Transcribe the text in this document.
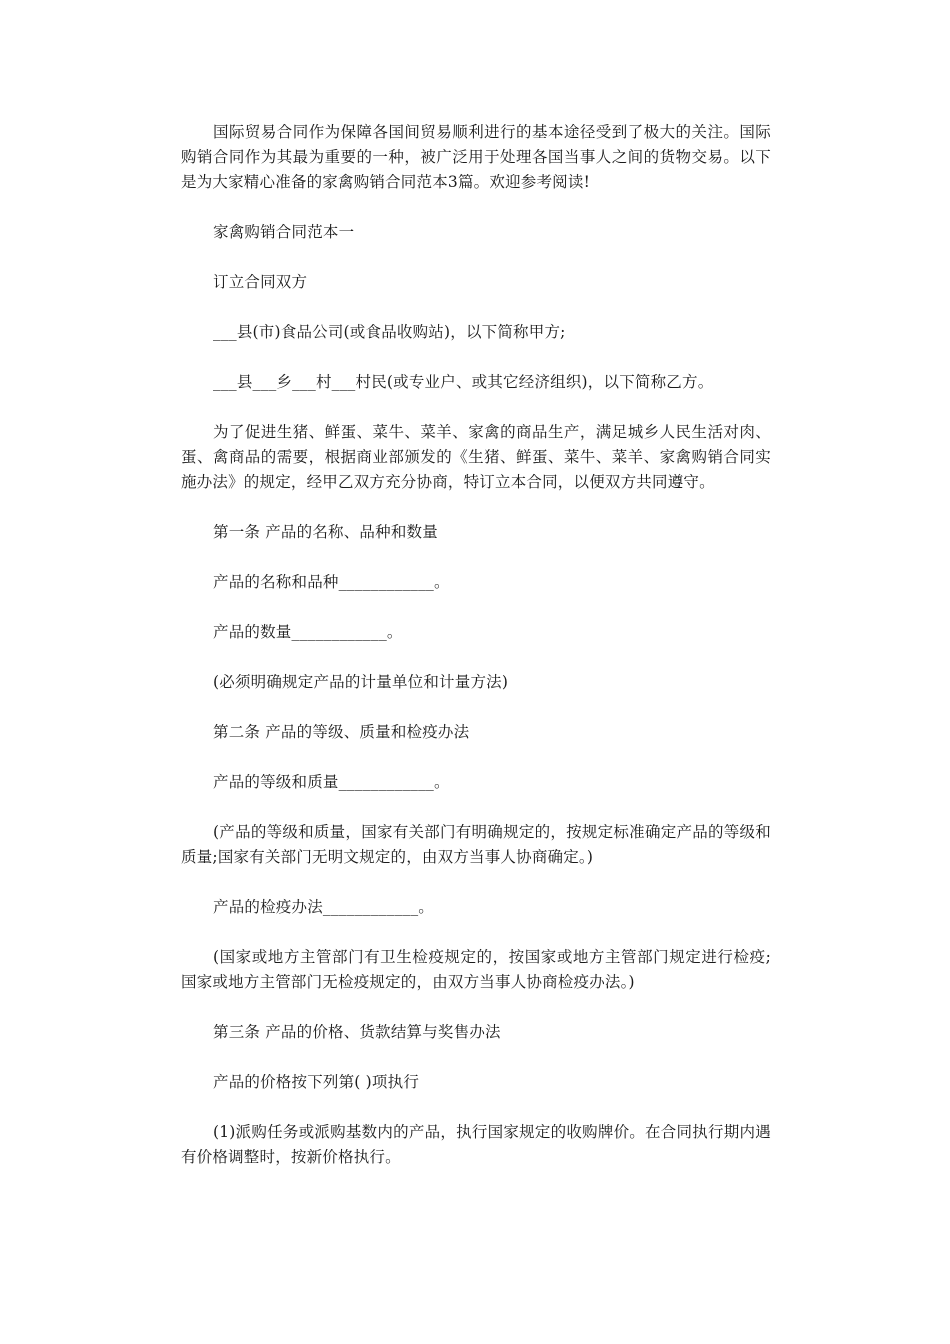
国际贸易合同作为保障各国间贸易顺利进行的基本途径受到了极大的关注。国际购销合同作为其最为重要的一种，被广泛用于处理各国当事人之间的货物交易。以下是为大家精心准备的家禽购销合同范本3篇。欢迎参考阅读!

家禽购销合同范本一

订立合同双方

___县(市)食品公司(或食品收购站)，以下简称甲方;

___县___乡___村___村民(或专业户、或其它经济组织)，以下简称乙方。

为了促进生猪、鲜蛋、菜牛、菜羊、家禽的商品生产，满足城乡人民生活对肉、蛋、禽商品的需要，根据商业部颁发的《生猪、鲜蛋、菜牛、菜羊、家禽购销合同实施办法》的规定，经甲乙双方充分协商，特订立本合同，以便双方共同遵守。

第一条 产品的名称、品种和数量

产品的名称和品种____________。

产品的数量____________。

(必须明确规定产品的计量单位和计量方法)

第二条 产品的等级、质量和检疫办法

产品的等级和质量____________。

(产品的等级和质量，国家有关部门有明确规定的，按规定标准确定产品的等级和质量;国家有关部门无明文规定的，由双方当事人协商确定。)

产品的检疫办法____________。

(国家或地方主管部门有卫生检疫规定的，按国家或地方主管部门规定进行检疫;国家或地方主管部门无检疫规定的，由双方当事人协商检疫办法。)

第三条 产品的价格、货款结算与奖售办法

产品的价格按下列第( )项执行

(1)派购任务或派购基数内的产品，执行国家规定的收购牌价。在合同执行期内遇有价格调整时，按新价格执行。
